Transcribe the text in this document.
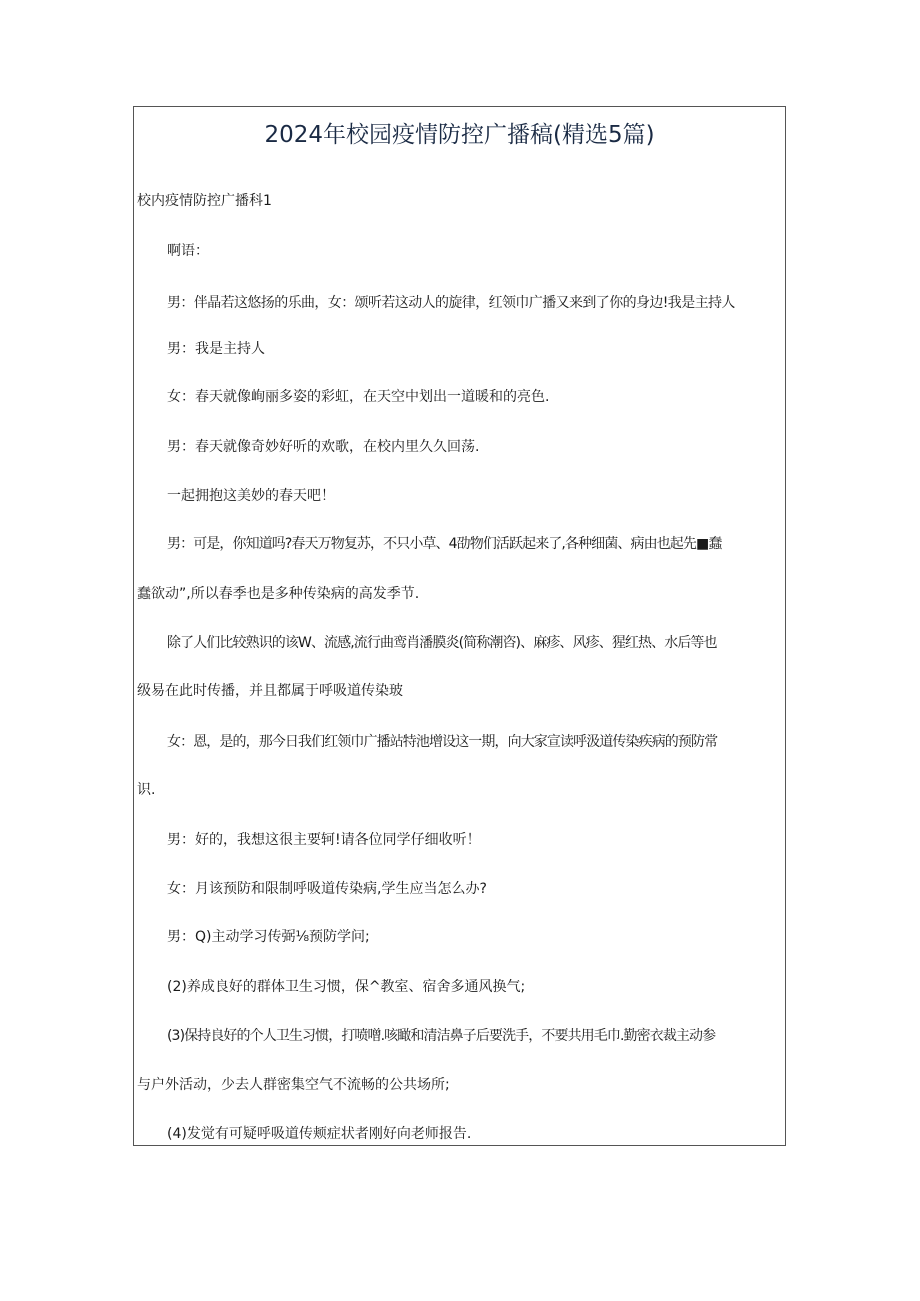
2024年校园疫情防控广播稿(精选5篇)
校内疫情防控广播科1
啊语：
男：伴晶若这悠扬的乐曲，女：颂听若这动人的旋律，红领巾广播又来到了你的身边!我是主持人
男：我是主持人
女：春天就像峋丽多姿的彩虹，在天空中划出一道暖和的亮色.
男：春天就像奇妙好听的欢歌，在校内里久久回荡.
一起拥抱这美妙的春天吧！
男：可是，你知道吗?春天万物复苏，不只小草、4劭物们活跃起来了,各种细菌、病由也起先■蠢
蠢欲动”,所以春季也是多种传染病的高发季节.
除了人们比较熟识的该W、流感,流行曲鸾肖潘膜炎(简称潮咨)、麻疹、风疹、猩红热、水后等也
级易在此时传播，并且都属于呼吸道传染玻
女：恩，是的，那今日我们红领巾广播站特池增设这一期，向大家宣读呼汲道传染疾病的预防常
识.
男：好的，我想这很主要轲!请各位同学仔细收听！
女：月该预防和限制呼吸道传染病,学生应当怎么办?
男：Q)主动学习传弼⅛预防学问;
(2)养成良好的群体卫生习惯，保^教室、宿舍多通风换气;
(3)保持良好的个人卫生习惯，打喷噌.咳瞰和清洁鼻子后要洗手，不要共用毛巾.勤密衣裁主动参
与户外活动，少去人群密集空气不流畅的公共场所;
(4)发觉有可疑呼吸道传颊症状者刚好向老师报告.
